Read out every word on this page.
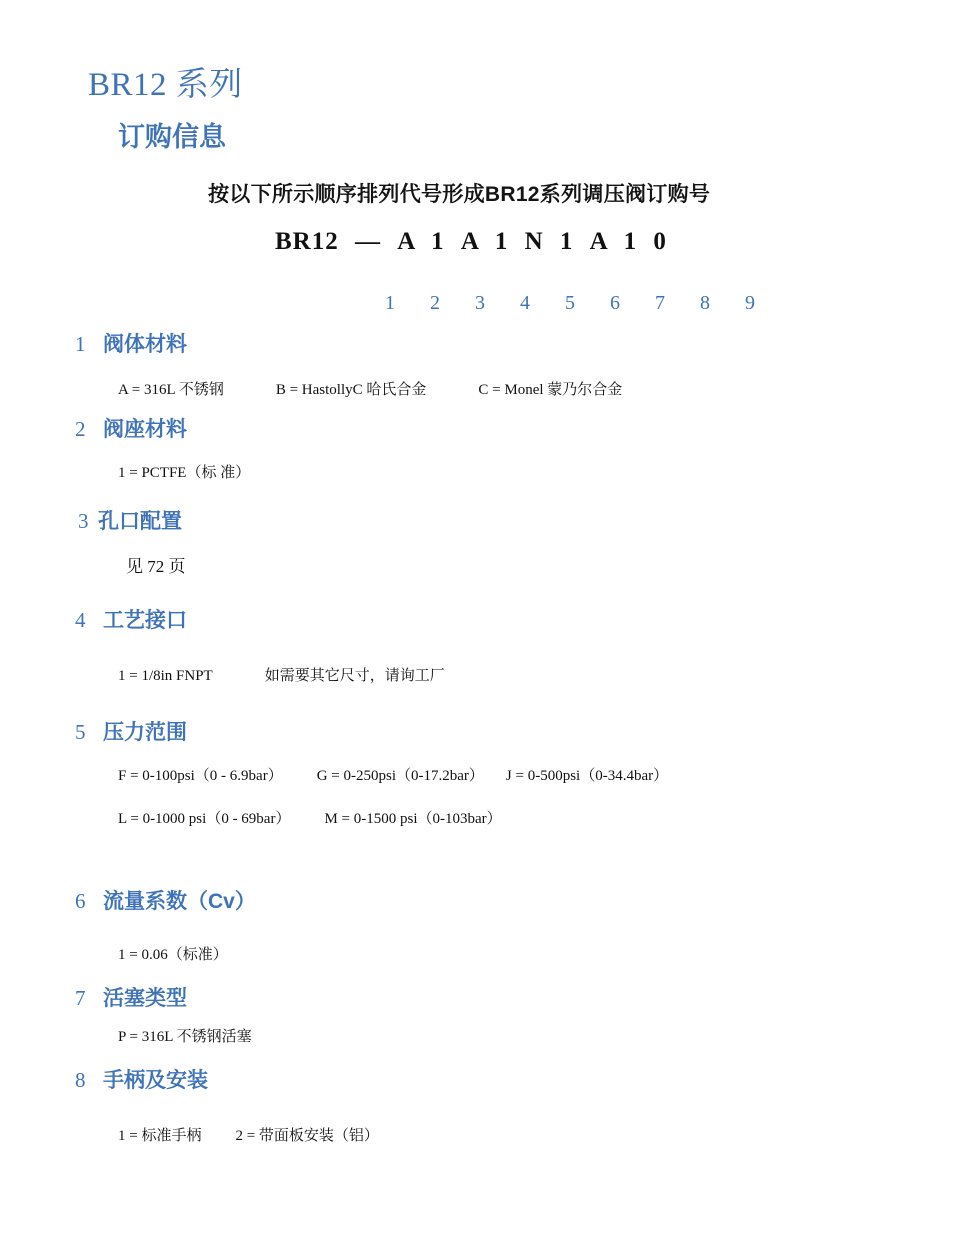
BR12 系列
订购信息
按以下所示顺序排列代号形成BR12系列调压阀订购号
BR12 — A 1 A 1 N 1 A 1 0
1 2 3 4 5 6 7 8 9
1 阀体材料
A = 316L 不锈钢	B = HastollyC 哈氏合金	C = Monel 蒙乃尔合金
2 阀座材料
1 = PCTFE（标 准）
3 孔口配置
见 72 页
4 工艺接口
1 = 1/8in FNPT	如需要其它尺寸，请询工厂
5 压力范围
F = 0-100psi（0 - 6.9bar） G = 0-250psi（0-17.2bar） J = 0-500psi（0-34.4bar）
L = 0-1000 psi（0 - 69bar） M = 0-1500 psi（0-103bar）
6 流量系数（Cv）
1 = 0.06（标准）
7 活塞类型
P = 316L 不锈钢活塞
8 手柄及安装
1 = 标准手柄 2 = 带面板安装（铝）
